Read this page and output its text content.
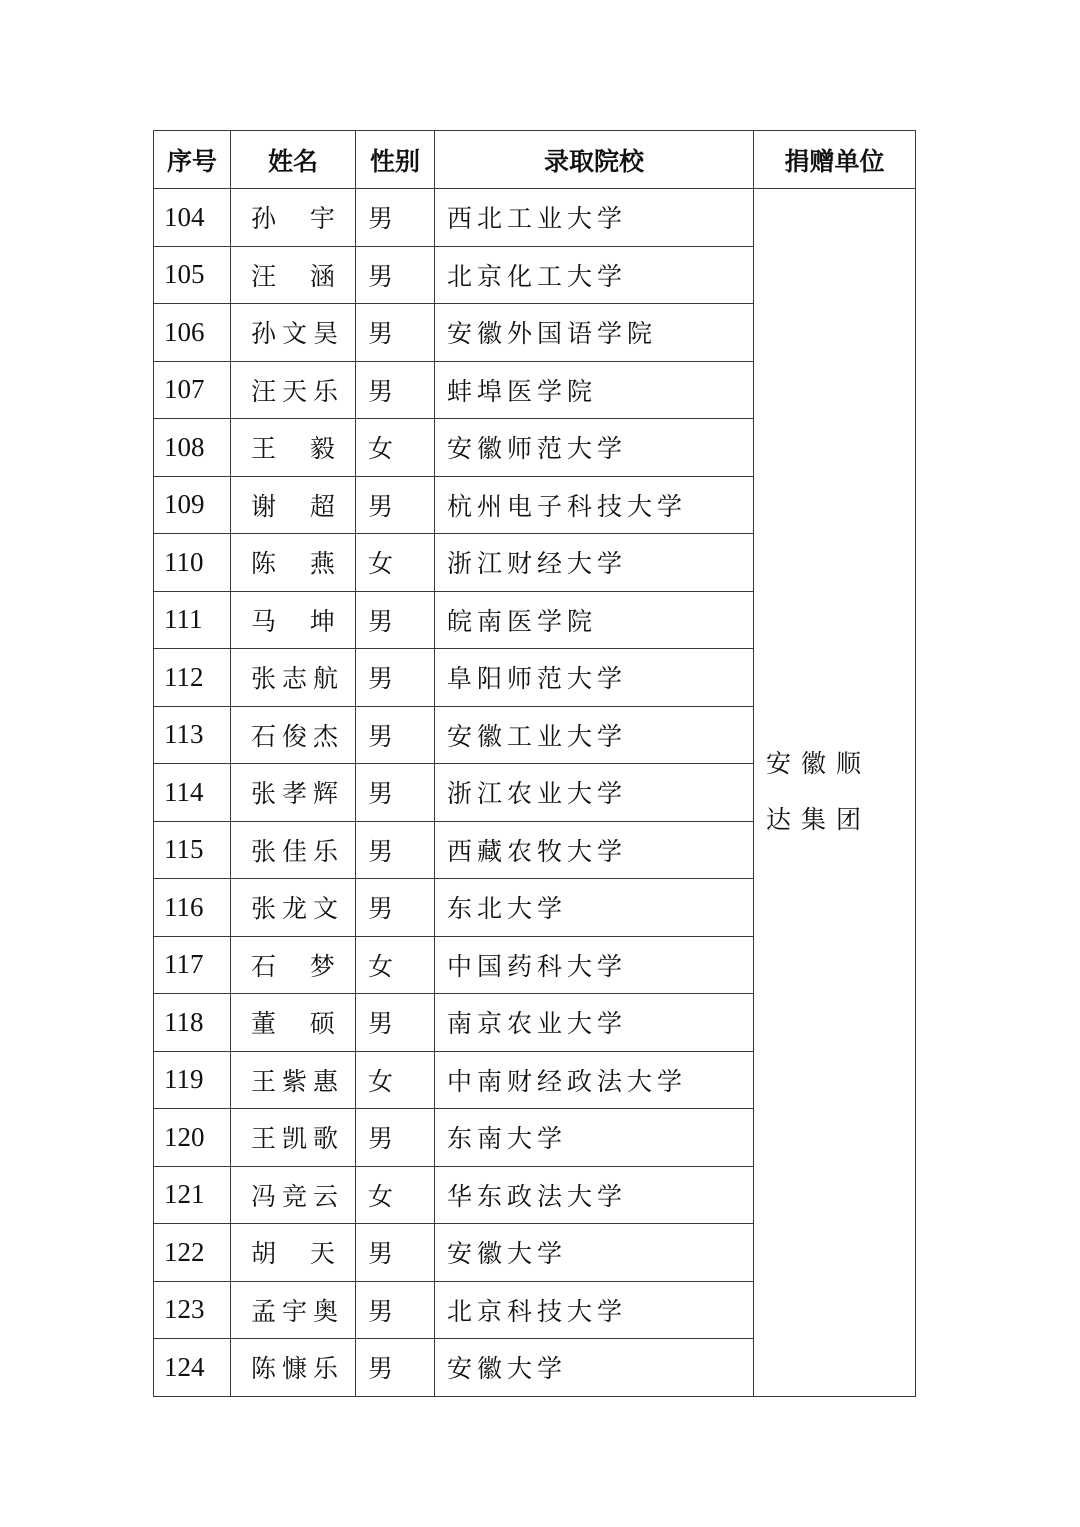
序号	姓名	性别	录取院校	捐赠单位
104	孙  宇	男	西北工业大学	安徽顺达集团
105	汪  涵	男	北京化工大学	
106	孙文昊	男	安徽外国语学院	
107	汪天乐	男	蚌埠医学院	
108	王  毅	女	安徽师范大学	
109	谢  超	男	杭州电子科技大学	
110	陈  燕	女	浙江财经大学	
111	马  坤	男	皖南医学院	
112	张志航	男	阜阳师范大学	
113	石俊杰	男	安徽工业大学	
114	张孝辉	男	浙江农业大学	
115	张佳乐	男	西藏农牧大学	
116	张龙文	男	东北大学	
117	石  梦	女	中国药科大学	
118	董  硕	男	南京农业大学	
119	王紫惠	女	中南财经政法大学	
120	王凯歌	男	东南大学	
121	冯竞云	女	华东政法大学	
122	胡  天	男	安徽大学	
123	孟宇奥	男	北京科技大学	
124	陈慷乐	男	安徽大学	
